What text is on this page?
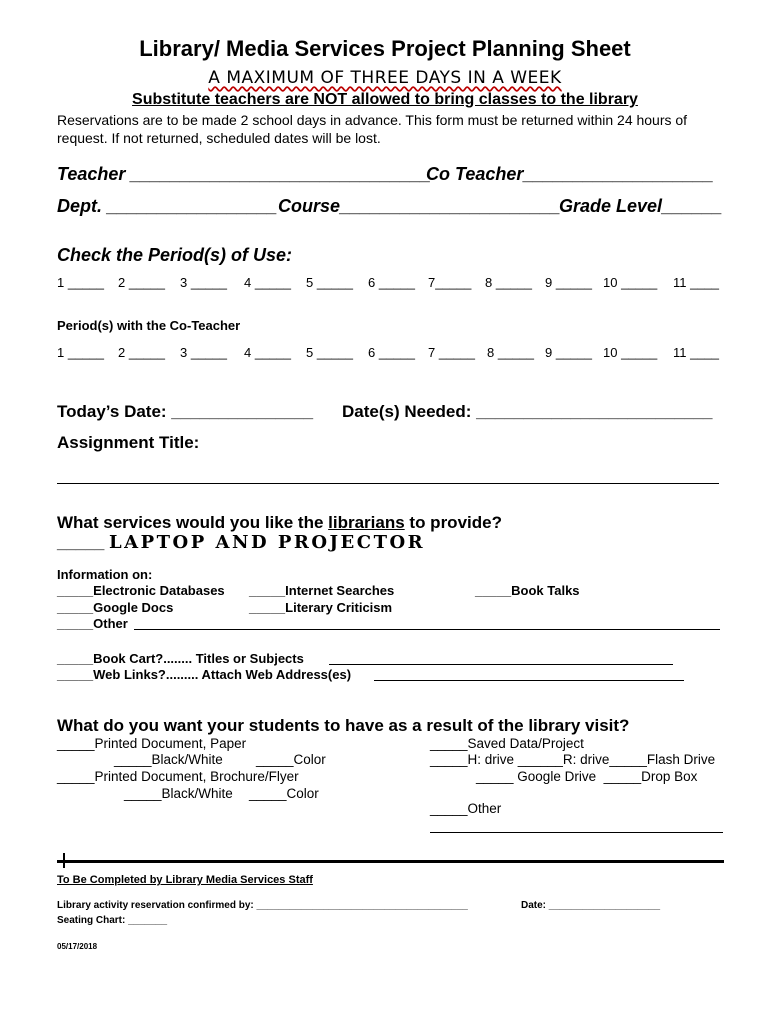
Library/ Media Services Project Planning Sheet
A MAXIMUM OF THREE DAYS IN A WEEK
Substitute teachers are NOT allowed to bring classes to the library
Reservations are to be made 2 school days in advance. This form must be returned within 24 hours of request. If not returned, scheduled dates will be lost.
Teacher ______________________________
Co Teacher___________________
Dept. _________________ Course______________________
Grade Level______
Check the Period(s) of Use:
1 _____ 2 _____ 3 _____ 4 _____ 5 _____ 6 _____ 7_____ 8 _____ 9 _____ 10 _____ 11 ____
Period(s) with the Co-Teacher
1 _____ 2 _____ 3 _____ 4 _____ 5 _____ 6 _____ 7 _____ 8 _____ 9 _____ 10 _____ 11 ____
Today’s Date: _______________ Date(s) Needed: _________________________
Assignment Title:
What services would you like the librarians to provide?
_____ LAPTOP AND PROJECTOR
Information on:
_____Electronic Databases _____Internet Searches	_____Book Talks
_____Google Docs	_____Literary Criticism
_____Other
_____Book Cart?........ Titles or Subjects
_____Web Links?......... Attach Web Address(es)
What do you want your students to have as a result of the library visit?
_____Printed Document, Paper
_____Black/White _____Color
_____Printed Document, Brochure/Flyer
_____Black/White _____Color
_____Saved Data/Project
_____H: drive ______R: drive_____Flash Drive
_____ Google Drive  _____Drop Box
_____Other
To Be Completed by Library Media Services Staff
Library activity reservation confirmed by: ______________________________________	Date: ____________________
Seating Chart: _______
05/17/2018
